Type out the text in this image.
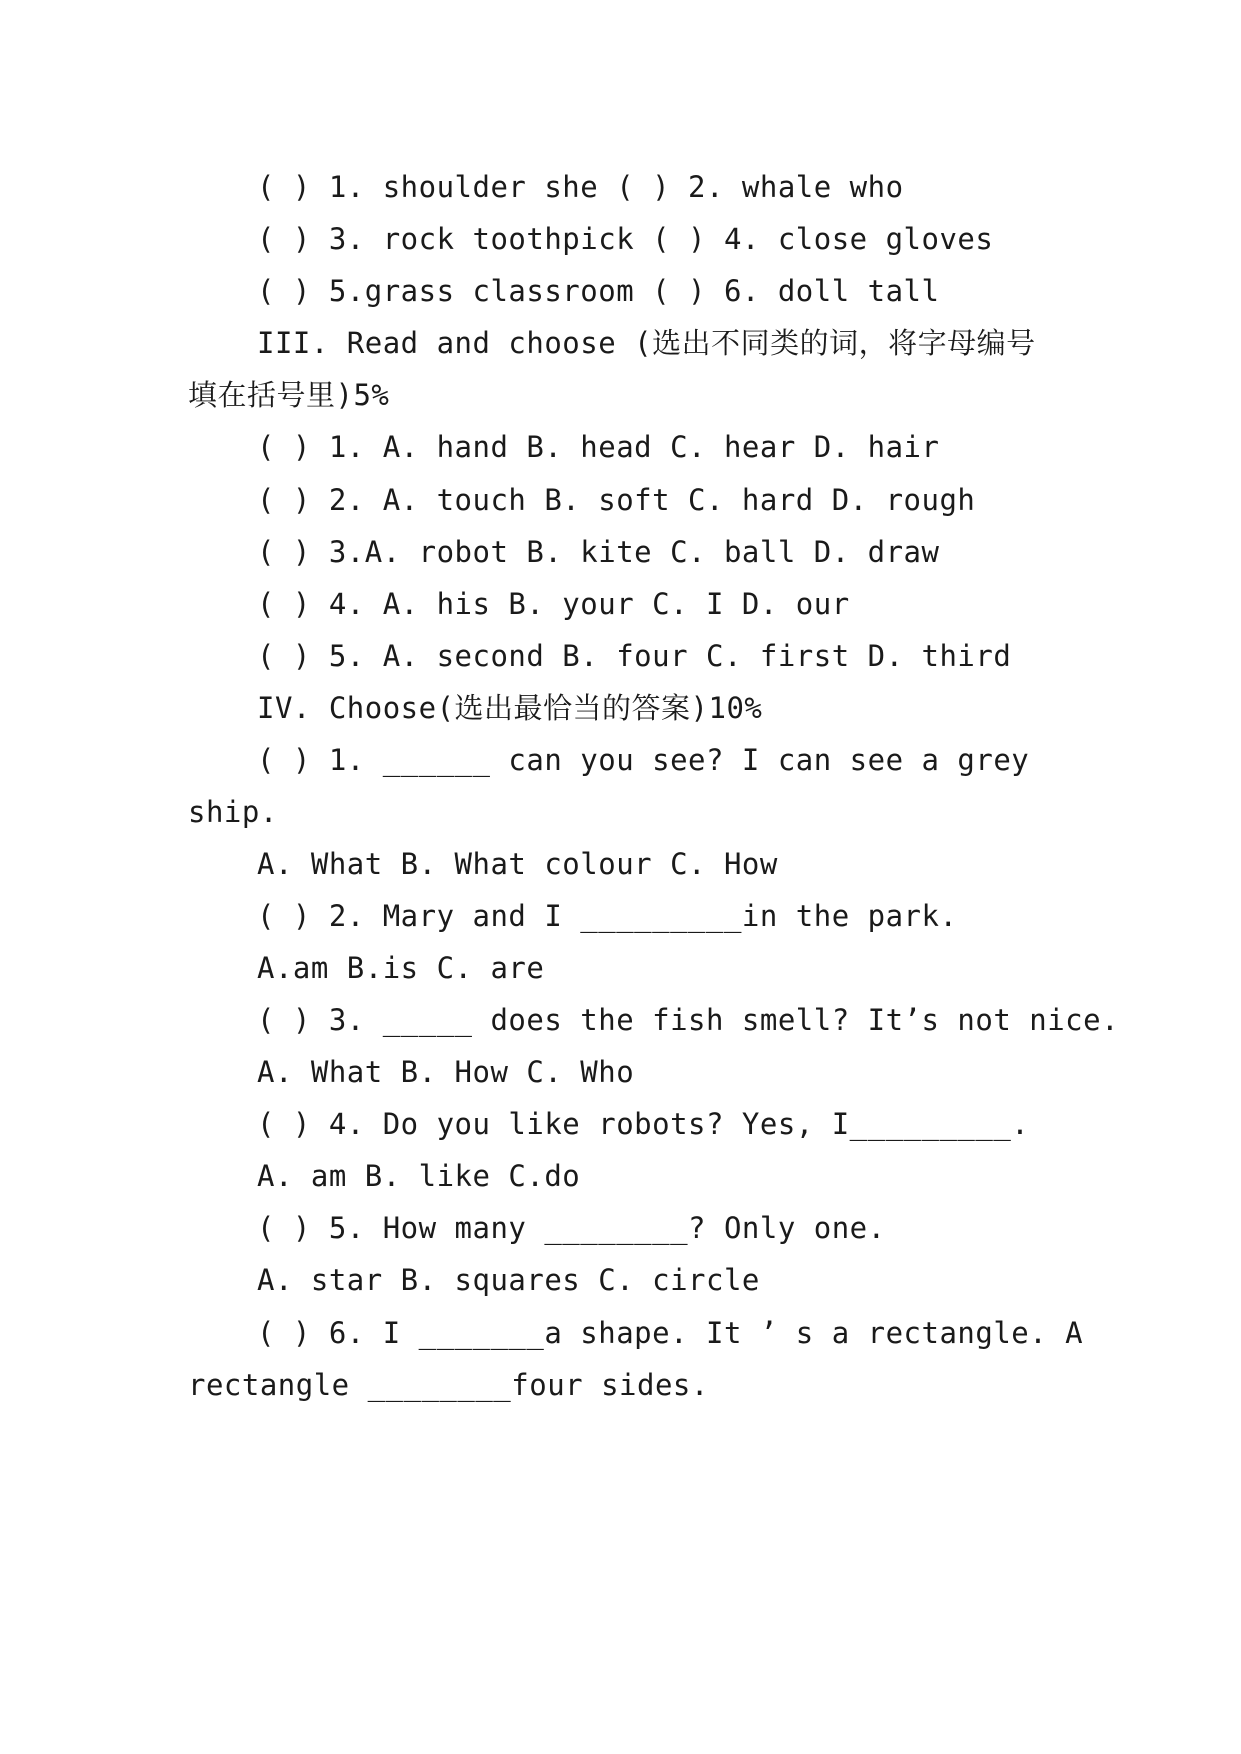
( ) 1. shoulder she ( ) 2. whale who
( ) 3. rock toothpick ( ) 4. close gloves
( ) 5.grass classroom ( ) 6. doll tall
III. Read and choose (选出不同类的词，将字母编号
填在括号里)5%
( ) 1. A. hand B. head C. hear D. hair
( ) 2. A. touch B. soft C. hard D. rough
( ) 3.A. robot B. kite C. ball D. draw
( ) 4. A. his B. your C. I D. our
( ) 5. A. second B. four C. first D. third
IV. Choose(选出最恰当的答案)10%
( ) 1. ______ can you see? I can see a grey
ship.
A. What B. What colour C. How
( ) 2. Mary and I _________in the park.
A.am B.is C. are
( ) 3. _____ does the fish smell? It’s not nice.
A. What B. How C. Who
( ) 4. Do you like robots? Yes, I_________.
A. am B. like C.do
( ) 5. How many ________? Only one.
A. star B. squares C. circle
( ) 6. I _______a shape. It ’ s a rectangle. A
rectangle ________four sides.
